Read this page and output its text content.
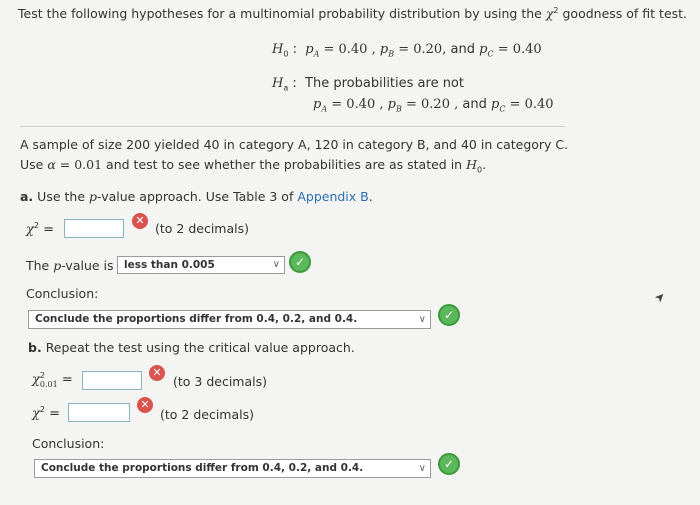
Test the following hypotheses for a multinomial probability distribution by using the $\chi^2$ goodness of fit test.
$H_0$ : $p_A = 0.40$ , $p_B = 0.20$, and $p_C = 0.40$
$H_a$ : The probabilities are not
$p_A = 0.40$ , $p_B = 0.20$ , and $p_C = 0.40$
A sample of size 200 yielded 40 in category A, 120 in category B, and 40 in category C.
Use α = 0.01 and test to see whether the probabilities are as stated in $H_0$.
a. Use the p-value approach. Use Table 3 of Appendix B.
$\chi^2$ =
✕
(to 2 decimals)
The p-value is less than 0.005	∨	✓
Conclusion:
Conclude the proportions differ from 0.4, 0.2, and 0.4.	∨	✓
➤
b. Repeat the test using the critical value approach.
χ 2
0.01 =	✕
(to 3 decimals)
$\chi^2$ =
✕
(to 2 decimals)
Conclusion:
Conclude the proportions differ from 0.4, 0.2, and 0.4.	∨	✓
